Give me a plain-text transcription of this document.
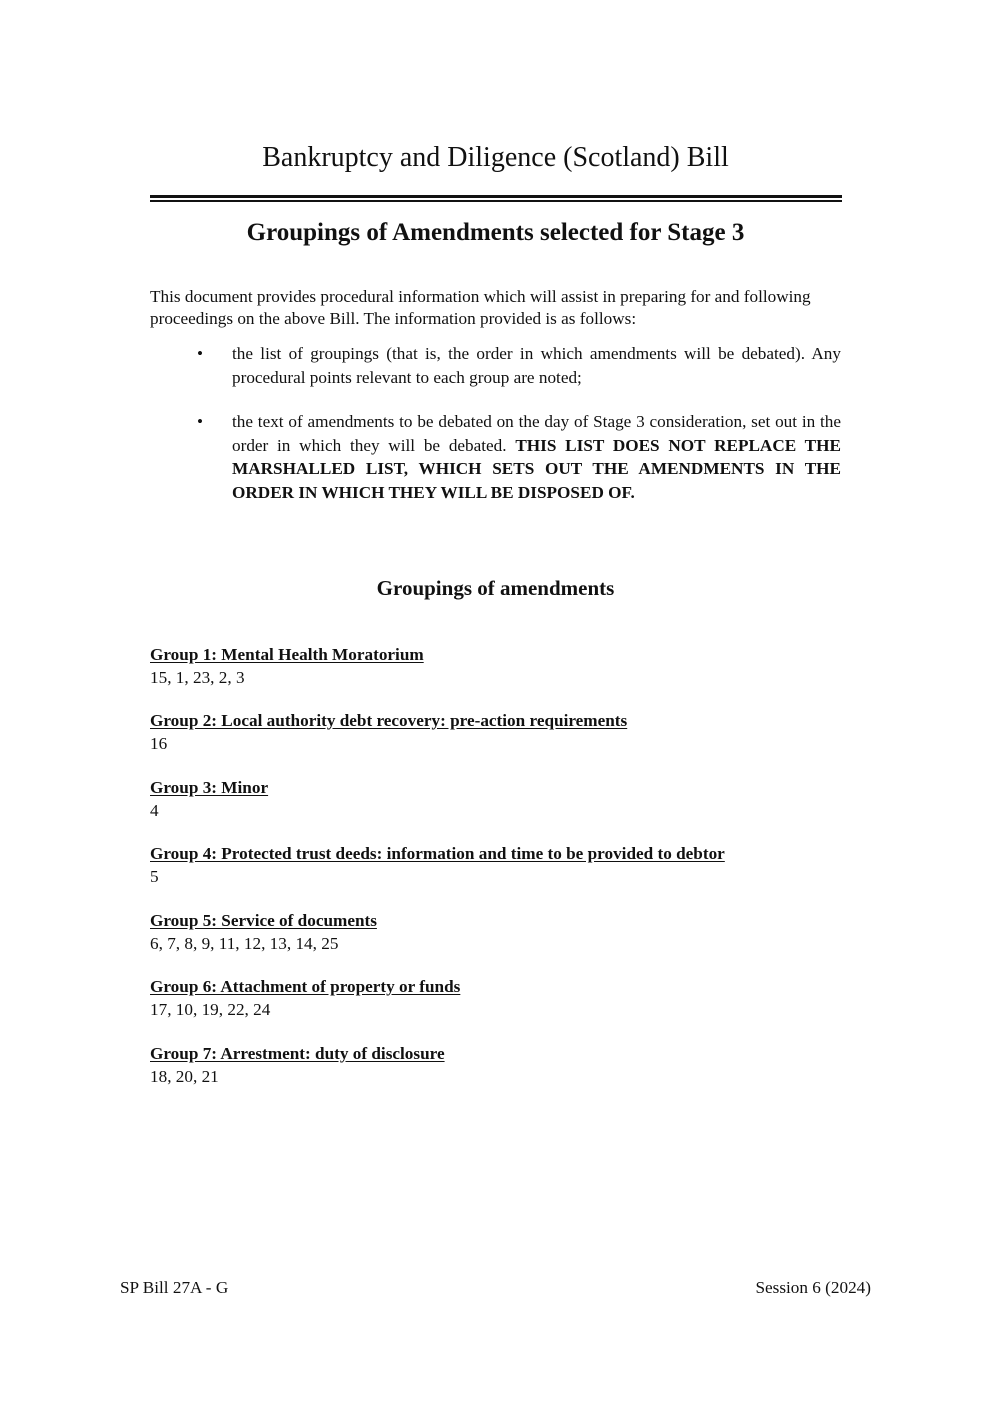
Bankruptcy and Diligence (Scotland) Bill
Groupings of Amendments selected for Stage 3

This document provides procedural information which will assist in preparing for and following proceedings on the above Bill. The information provided is as follows:

• the list of groupings (that is, the order in which amendments will be debated). Any procedural points relevant to each group are noted;
• the text of amendments to be debated on the day of Stage 3 consideration, set out in the order in which they will be debated. THIS LIST DOES NOT REPLACE THE MARSHALLED LIST, WHICH SETS OUT THE AMENDMENTS IN THE ORDER IN WHICH THEY WILL BE DISPOSED OF.
Groupings of amendments
Group 1: Mental Health Moratorium
15, 1, 23, 2, 3
Group 2: Local authority debt recovery: pre-action requirements
16
Group 3: Minor
4
Group 4: Protected trust deeds: information and time to be provided to debtor
5
Group 5: Service of documents
6, 7, 8, 9, 11, 12, 13, 14, 25
Group 6: Attachment of property or funds
17, 10, 19, 22, 24
Group 7: Arrestment: duty of disclosure
18, 20, 21
SP Bill 27A - G	Session 6 (2024)
